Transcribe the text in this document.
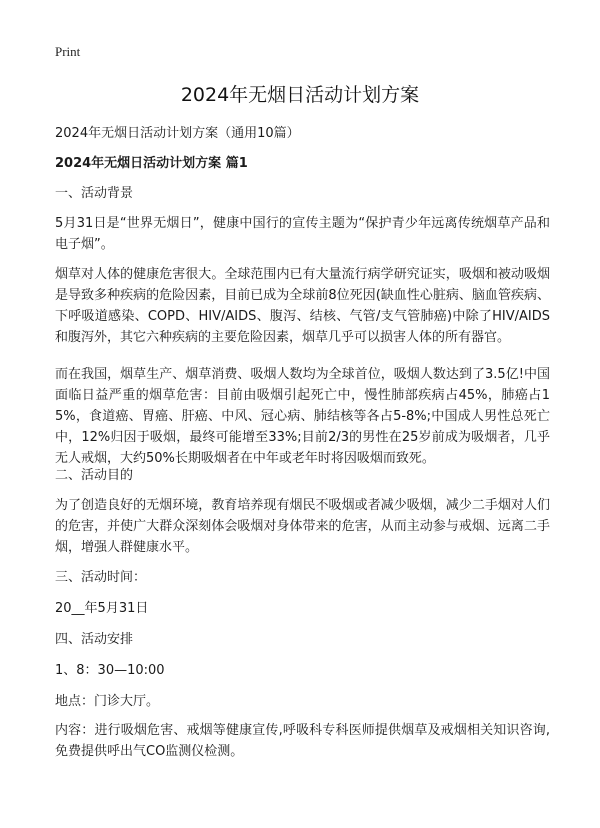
Print
2024年无烟日活动计划方案
2024年无烟日活动计划方案（通用10篇）
2024年无烟日活动计划方案 篇1
一、活动背景
5月31日是“世界无烟日”，健康中国行的宣传主题为“保护青少年远离传统烟草产品和电子烟”。
烟草对人体的健康危害很大。全球范围内已有大量流行病学研究证实，吸烟和被动吸烟是导致多种疾病的危险因素，目前已成为全球前8位死因(缺血性心脏病、脑血管疾病、下呼吸道感染、COPD、HIV/AIDS、腹泻、结核、气管/支气管肺癌)中除了HIV/AIDS和腹泻外，其它六种疾病的主要危险因素，烟草几乎可以损害人体的所有器官。
而在我国，烟草生产、烟草消费、吸烟人数均为全球首位，吸烟人数达到了3.5亿!中国面临日益严重的烟草危害：目前由吸烟引起死亡中，慢性肺部疾病占45%，肺癌占15%，食道癌、胃癌、肝癌、中风、冠心病、肺结核等各占5-8%;中国成人男性总死亡中，12%归因于吸烟，最终可能增至33%;目前2/3的男性在25岁前成为吸烟者，几乎无人戒烟，大约50%长期吸烟者在中年或老年时将因吸烟而致死。
二、活动目的
为了创造良好的无烟环境，教育培养现有烟民不吸烟或者减少吸烟，减少二手烟对人们的危害，并使广大群众深刻体会吸烟对身体带来的危害，从而主动参与戒烟、远离二手烟，增强人群健康水平。
三、活动时间：
20__年5月31日
四、活动安排
1、8：30—10:00
地点：门诊大厅。
内容：进行吸烟危害、戒烟等健康宣传,呼吸科专科医师提供烟草及戒烟相关知识咨询,免费提供呼出气CO监测仪检测。
